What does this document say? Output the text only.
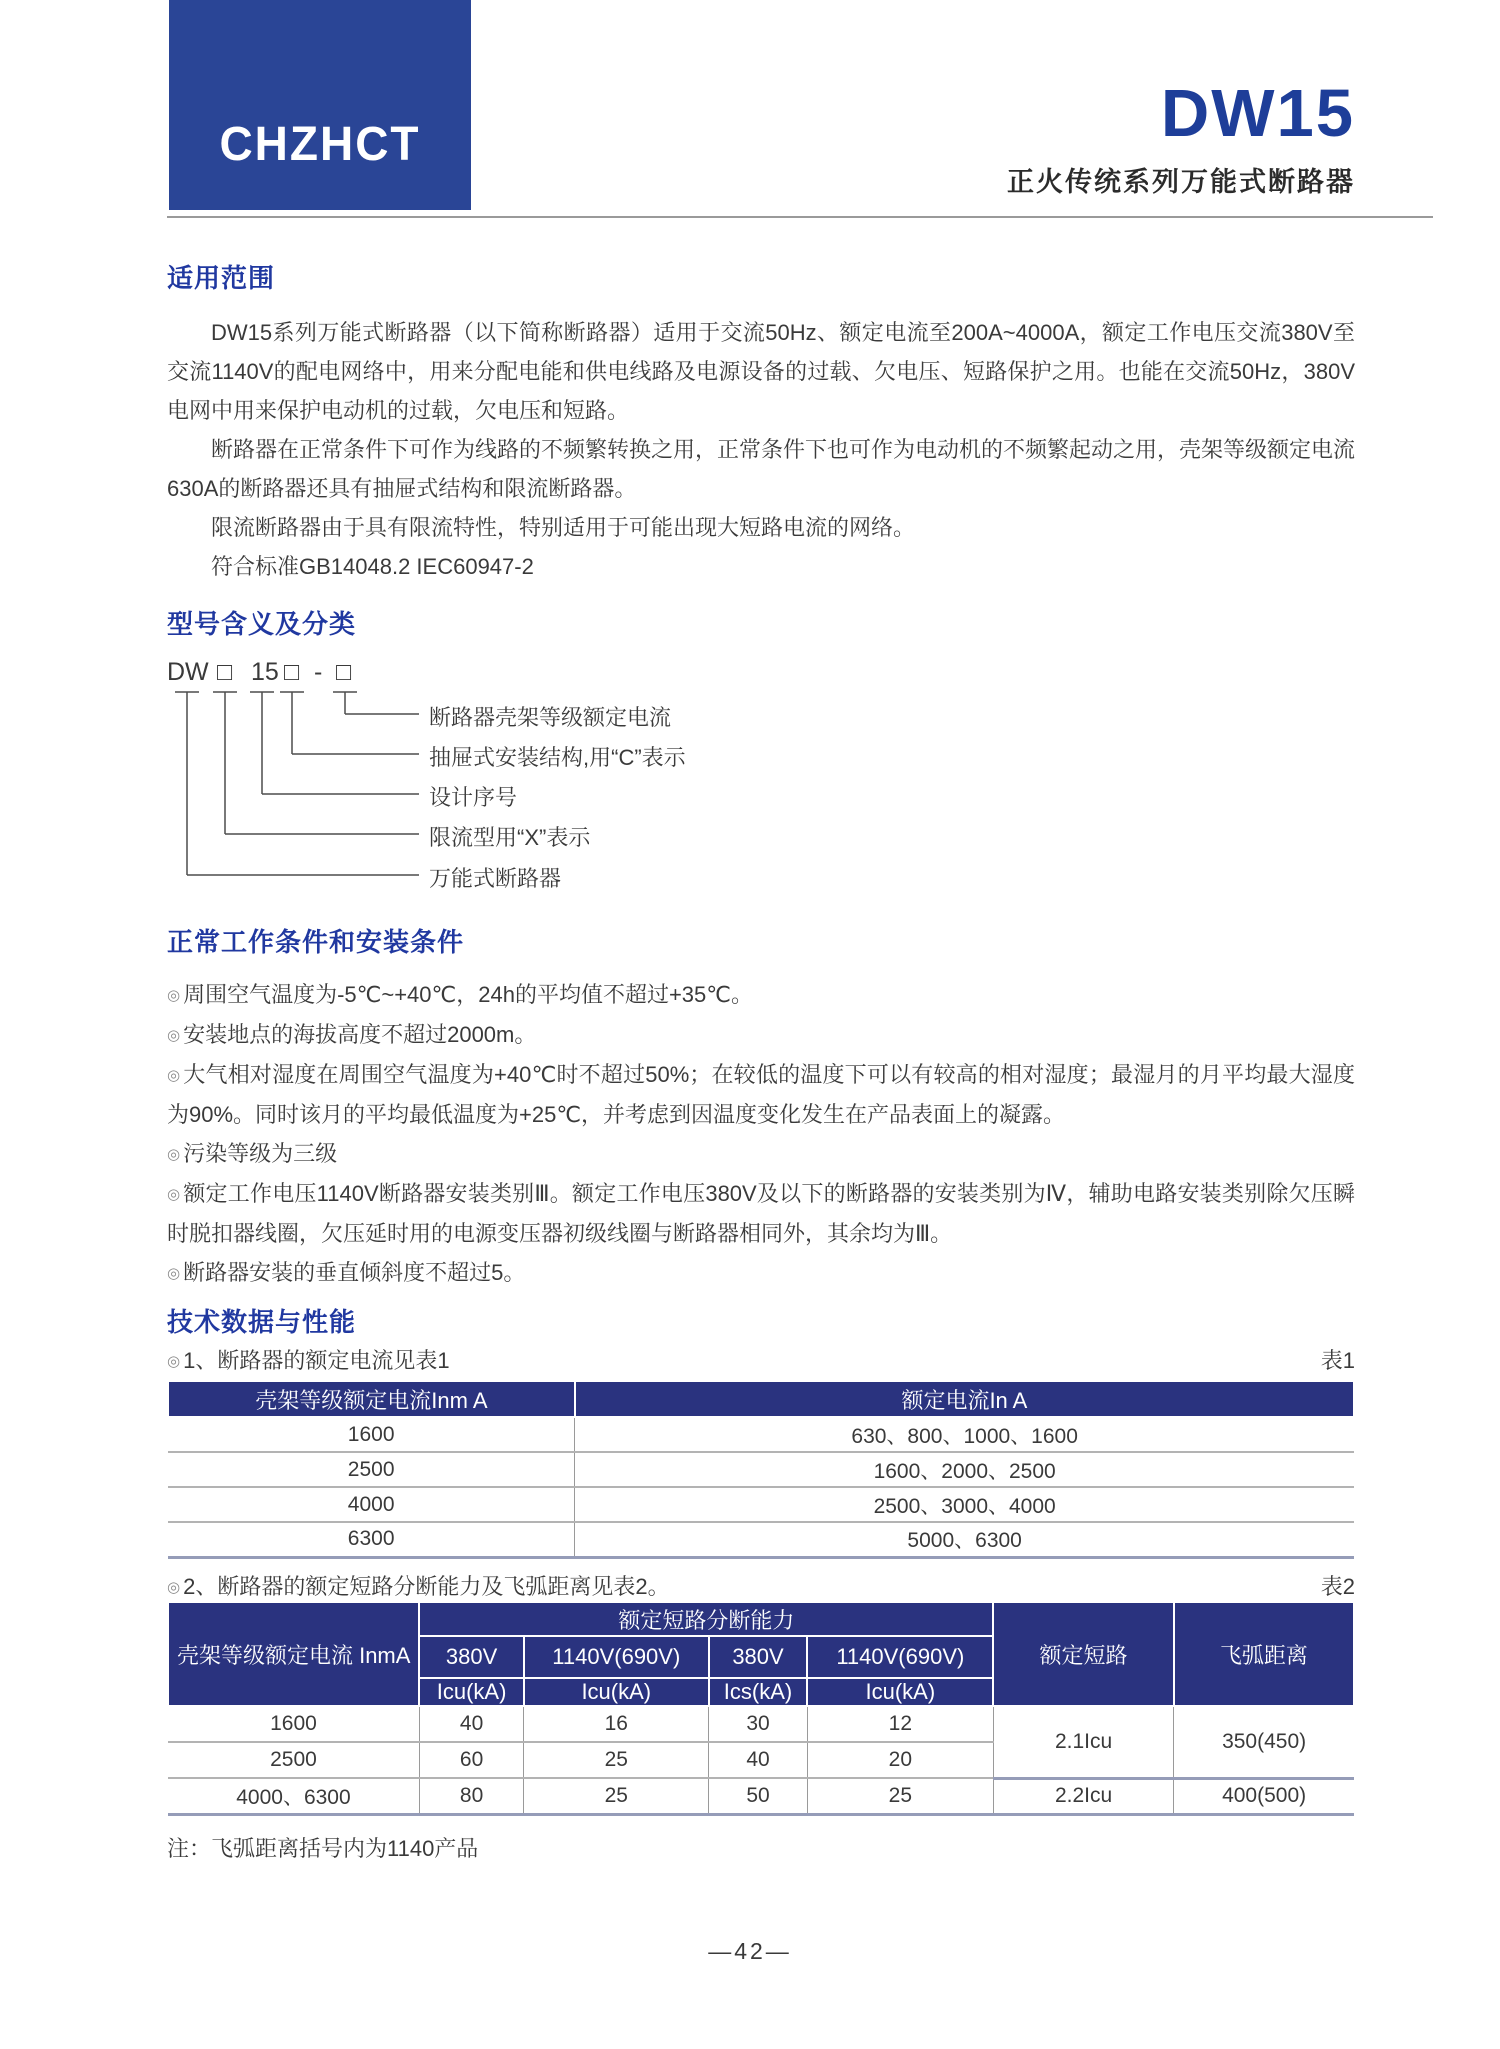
CHZHCT	DW15
正火传统系列万能式断路器
适用范围
DW15系列万能式断路器（以下简称断路器）适用于交流50Hz、额定电流至200A~4000A，额定工作电压交流380V至交流1140V的配电网络中，用来分配电能和供电线路及电源设备的过载、欠电压、短路保护之用。也能在交流50Hz，380V电网中用来保护电动机的过载，欠电压和短路。
断路器在正常条件下可作为线路的不频繁转换之用，正常条件下也可作为电动机的不频繁起动之用，壳架等级额定电流630A的断路器还具有抽屉式结构和限流断路器。
限流断路器由于具有限流特性，特别适用于可能出现大短路电流的网络。
符合标准GB14048.2 IEC60947-2
型号含义及分类
DW □ 15 □ - □
断路器壳架等级额定电流
抽屉式安装结构,用“C”表示
设计序号
限流型用“X”表示
万能式断路器
正常工作条件和安装条件
◎ 周围空气温度为-5℃~+40℃，24h的平均值不超过+35℃。
◎ 安装地点的海拔高度不超过2000m。
◎ 大气相对湿度在周围空气温度为+40℃时不超过50%；在较低的温度下可以有较高的相对湿度；最湿月的月平均最大湿度为90%。同时该月的平均最低温度为+25℃，并考虑到因温度变化发生在产品表面上的凝露。
◎ 污染等级为三级
◎ 额定工作电压1140V断路器安装类别Ⅲ。额定工作电压380V及以下的断路器的安装类别为Ⅳ，辅助电路安装类别除欠压瞬时脱扣器线圈，欠压延时用的电源变压器初级线圈与断路器相同外，其余均为Ⅲ。
◎ 断路器安装的垂直倾斜度不超过5。
技术数据与性能
◎ 1、断路器的额定电流见表1	表1
壳架等级额定电流Inm A	额定电流In A
1600	630、800、1000、1600
2500	1600、2000、2500
4000	2500、3000、4000
6300	5000、6300
◎ 2、断路器的额定短路分断能力及飞弧距离见表2。	表2
壳架等级额定电流 InmA	额定短路分断能力				额定短路	飞弧距离
	380V	1140V(690V)	380V	1140V(690V)		
	Icu(kA)	Icu(kA)	Ics(kA)	Icu(kA)		
1600	40	16	30	12	2.1Icu	350(450)
2500	60	25	40	20		
4000、6300	80	25	50	25	2.2Icu	400(500)
注：飞弧距离括号内为1140产品
—42—
